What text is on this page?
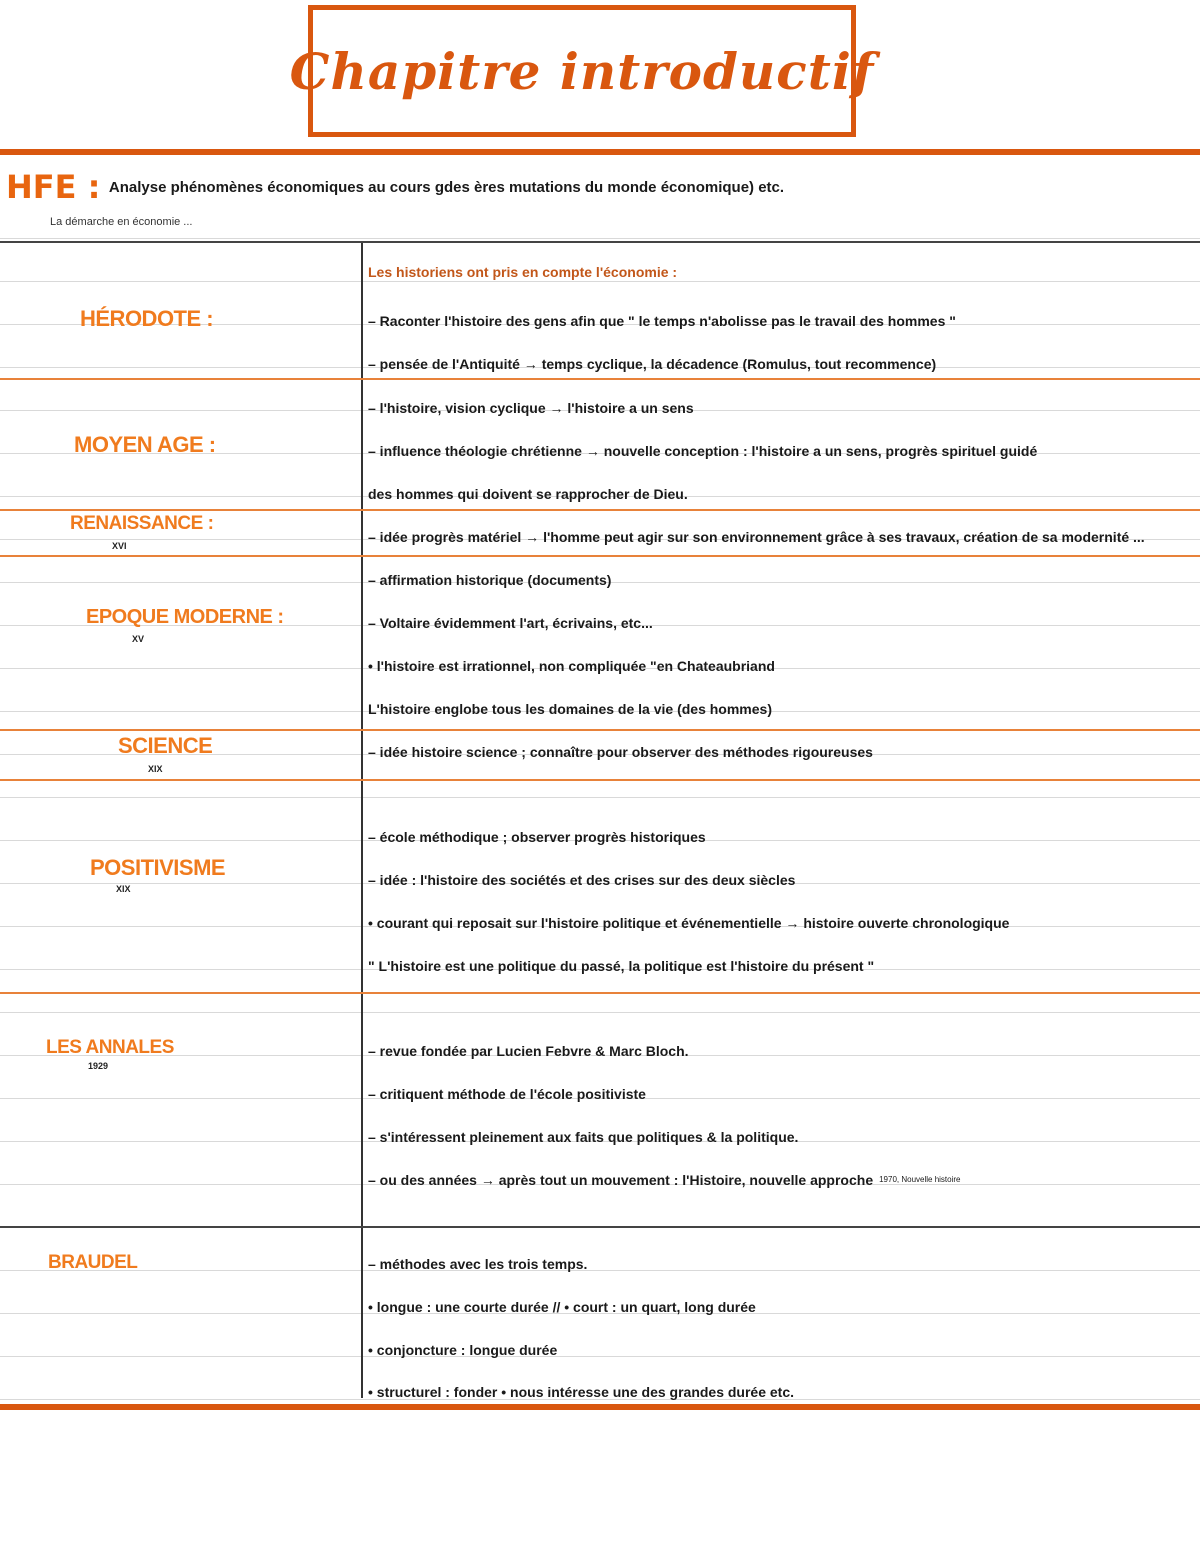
Chapitre introductif
HFE : Analyse phénomènes économiques au cours gdes ères mutations du monde économique) etc.
La démarche en économie ...
HÉRODOTE :
Les historiens ont pris en compte l'économie :
– Raconter l'histoire des gens afin que " le temps n'abolisse pas le travail des hommes "
– pensée de l'Antiquité → temps cyclique, la décadence (Romulus, tout recommence)
MOYEN AGE :
– l'histoire, vision cyclique → l'histoire a un sens
– influence théologie chrétienne → nouvelle conception : l'histoire a un sens, progrès spirituel guidé
des hommes qui doivent se rapprocher de Dieu.
RENAISSANCE :
XVI
– idée progrès matériel → l'homme peut agir sur son environnement grâce à ses travaux, création de sa modernité ...
EPOQUE MODERNE :
XV
– affirmation historique (documents)
– Voltaire évidemment l'art, écrivains, etc...
• l'histoire est irrationnel, non compliquée "en Chateaubriand
L'histoire englobe tous les domaines de la vie (des hommes)
SCIENCE
XIX
– idée histoire science ; connaître pour observer des méthodes rigoureuses
POSITIVISME
XIX
– école méthodique ; observer progrès historiques
– idée : l'histoire des sociétés et des crises sur des deux siècles
• courant qui reposait sur l'histoire politique et événementielle → histoire ouverte chronologique
" L'histoire est une politique du passé, la politique est l'histoire du présent "
LES ANNALES
1929
– revue fondée par Lucien Febvre & Marc Bloch.
– critiquent méthode de l'école positiviste
– s'intéressent pleinement aux faits que politiques & la politique.
– ou des années → après tout un mouvement : l'Histoire, nouvelle approche $^{1970, Nouvelle histoire}$
BRAUDEL	– méthodes avec les trois temps.
• longue : une courte durée // • court : un quart, long durée
• conjoncture : longue durée
• structurel : fonder • nous intéresse une des grandes durée etc.
